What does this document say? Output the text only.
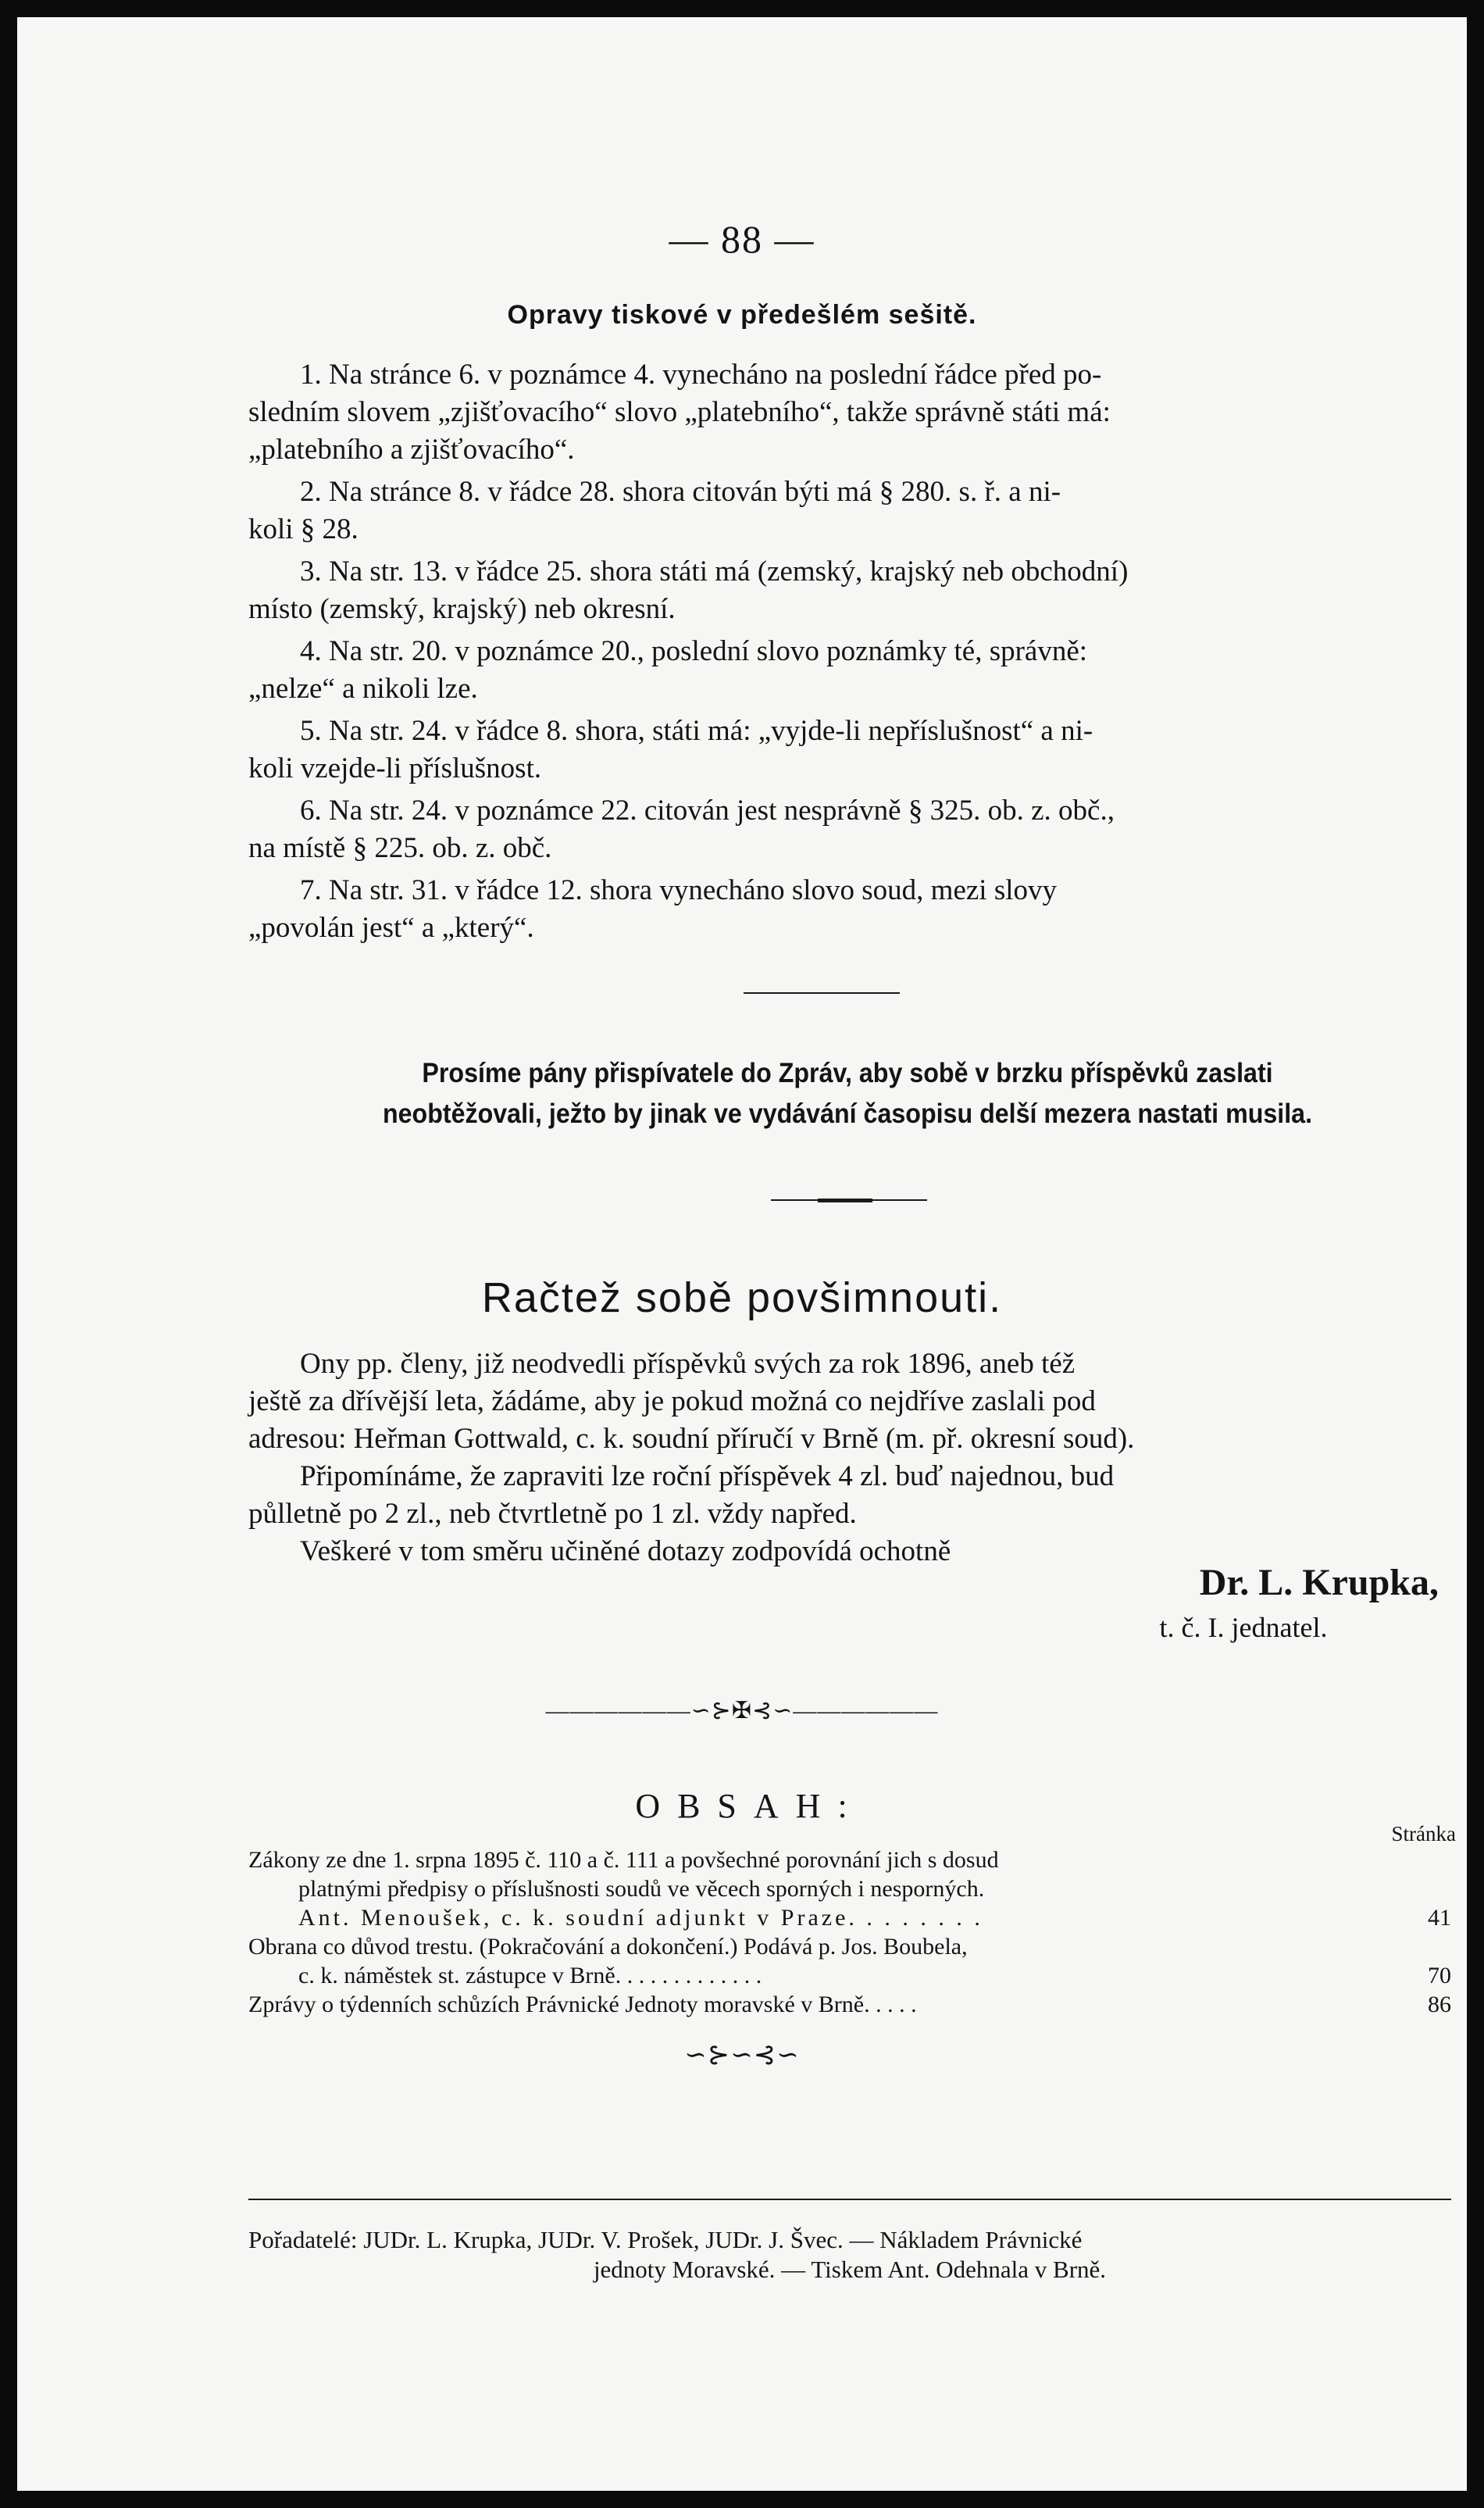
— 88 —
Opravy tiskové v předešlém sešitě.
1. Na stránce 6. v poznámce 4. vynecháno na poslední řádce před po-
sledním slovem „zjišťovacího“ slovo „platebního“, takže správně státi má:
„platebního a zjišťovacího“.
2. Na stránce 8. v řádce 28. shora citován býti má § 280. s. ř. a ni-
koli § 28.
3. Na str. 13. v řádce 25. shora státi má (zemský, krajský neb obchodní)
místo (zemský, krajský) neb okresní.
4. Na str. 20. v poznámce 20., poslední slovo poznámky té, správně:
„nelze“ a nikoli lze.
5. Na str. 24. v řádce 8. shora, státi má: „vyjde-li nepříslušnost“ a ni-
koli vzejde-li příslušnost.
6. Na str. 24. v poznámce 22. citován jest nesprávně § 325. ob. z. obč.,
na místě § 225. ob. z. obč.
7. Na str. 31. v řádce 12. shora vynecháno slovo soud, mezi slovy
„povolán jest“ a „který“.
Prosíme pány přispívatele do Zpráv, aby sobě v brzku příspěvků zaslati
neobtěžovali, ježto by jinak ve vydávání časopisu delší mezera nastati musila.
Račtež sobě povšimnouti.
Ony pp. členy, již neodvedli příspěvků svých za rok 1896, aneb též
ještě za dřívější leta, žádáme, aby je pokud možná co nejdříve zaslali pod
adresou: Heřman Gottwald, c. k. soudní příručí v Brně (m. př. okresní soud).
Připomínáme, že zapraviti lze roční příspěvek 4 zl. buď najednou, bud
půlletně po 2 zl., neb čtvrtletně po 1 zl. vždy napřed.
Veškeré v tom směru učiněné dotazy zodpovídá ochotně
Dr. L. Krupka,
t. č. I. jednatel.
——————∽⊱✠⊰∽——————
OBSAH:
Stránka
Zákony ze dne 1. srpna 1895 č. 110 a č. 111 a povšechné porovnání jich s dosud
platnými předpisy o příslušnosti soudů ve věcech sporných i nesporných.
Ant. Menoušek, c. k. soudní adjunkt v Praze. . . . . . . .	41
Obrana co důvod trestu. (Pokračování a dokončení.) Podává p. Jos. Boubela,
c. k. náměstek st. zástupce v Brně. . . . . . . . . . . . .	70
Zprávy o týdenních schůzích Právnické Jednoty moravské v Brně. . . . .	86
∽⊱∽⊰∽
Pořadatelé: JUDr. L. Krupka, JUDr. V. Prošek, JUDr. J. Švec. — Nákladem Právnické
jednoty Moravské. — Tiskem Ant. Odehnala v Brně.
